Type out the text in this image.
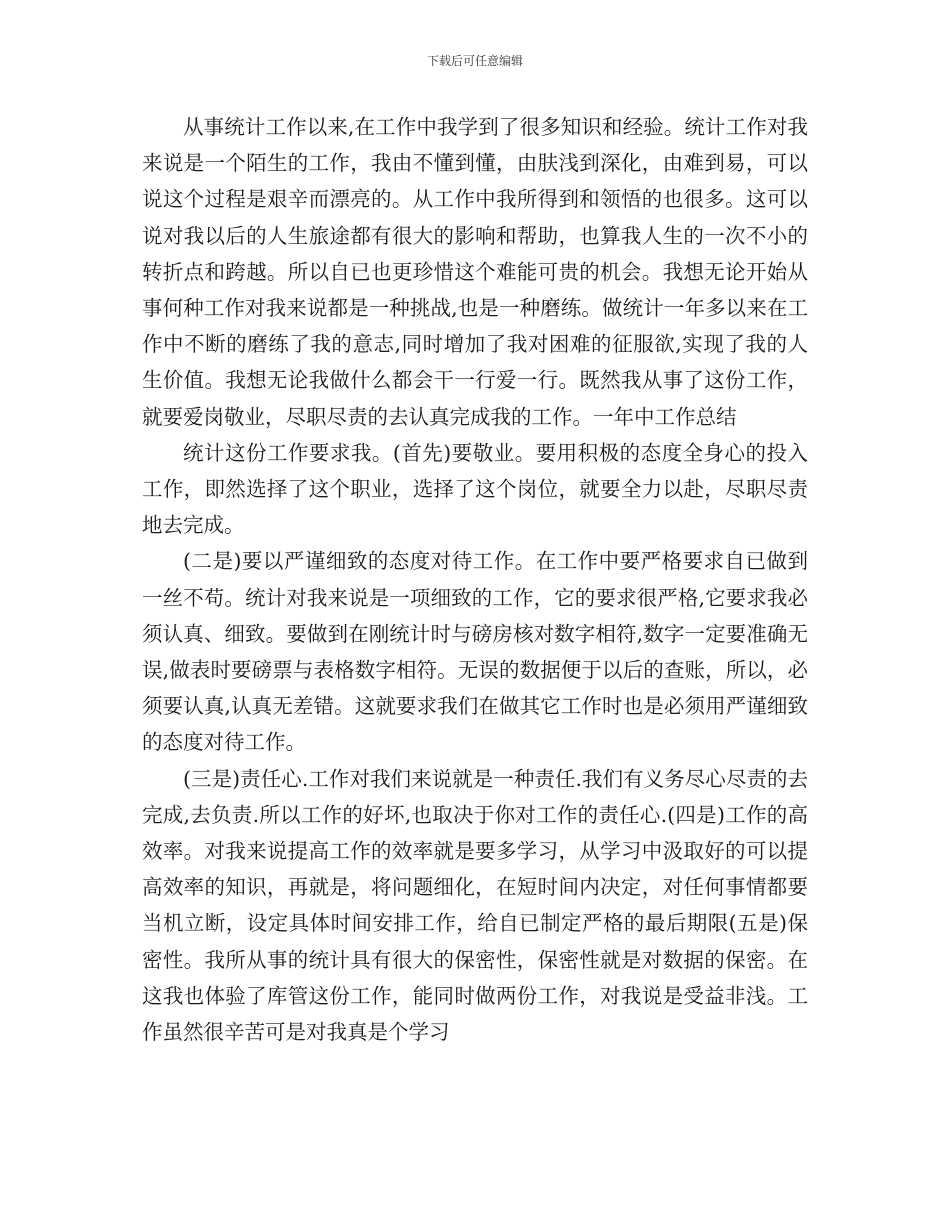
下载后可任意编辑

从事统计工作以来,在工作中我学到了很多知识和经验。统计工作对我来说是一个陌生的工作，我由不懂到懂，由肤浅到深化，由难到易，可以说这个过程是艰辛而漂亮的。从工作中我所得到和领悟的也很多。这可以说对我以后的人生旅途都有很大的影响和帮助，也算我人生的一次不小的转折点和跨越。所以自已也更珍惜这个难能可贵的机会。我想无论开始从事何种工作对我来说都是一种挑战,也是一种磨练。做统计一年多以来在工作中不断的磨练了我的意志,同时增加了我对困难的征服欲,实现了我的人生价值。我想无论我做什么都会干一行爱一行。既然我从事了这份工作，就要爱岗敬业，尽职尽责的去认真完成我的工作。一年中工作总结

统计这份工作要求我。(首先)要敬业。要用积极的态度全身心的投入工作，即然选择了这个职业，选择了这个岗位，就要全力以赴，尽职尽责地去完成。

(二是)要以严谨细致的态度对待工作。在工作中要严格要求自已做到一丝不苟。统计对我来说是一项细致的工作，它的要求很严格,它要求我必须认真、细致。要做到在刚统计时与磅房核对数字相符,数字一定要准确无误,做表时要磅票与表格数字相符。无误的数据便于以后的查账，所以，必须要认真,认真无差错。这就要求我们在做其它工作时也是必须用严谨细致的态度对待工作。

(三是)责任心.工作对我们来说就是一种责任.我们有义务尽心尽责的去完成,去负责.所以工作的好坏,也取决于你对工作的责任心.(四是)工作的高效率。对我来说提高工作的效率就是要多学习，从学习中汲取好的可以提高效率的知识，再就是，将问题细化，在短时间内决定，对任何事情都要当机立断，设定具体时间安排工作，给自已制定严格的最后期限(五是)保密性。我所从事的统计具有很大的保密性，保密性就是对数据的保密。在这我也体验了库管这份工作，能同时做两份工作，对我说是受益非浅。工作虽然很辛苦可是对我真是个学习
